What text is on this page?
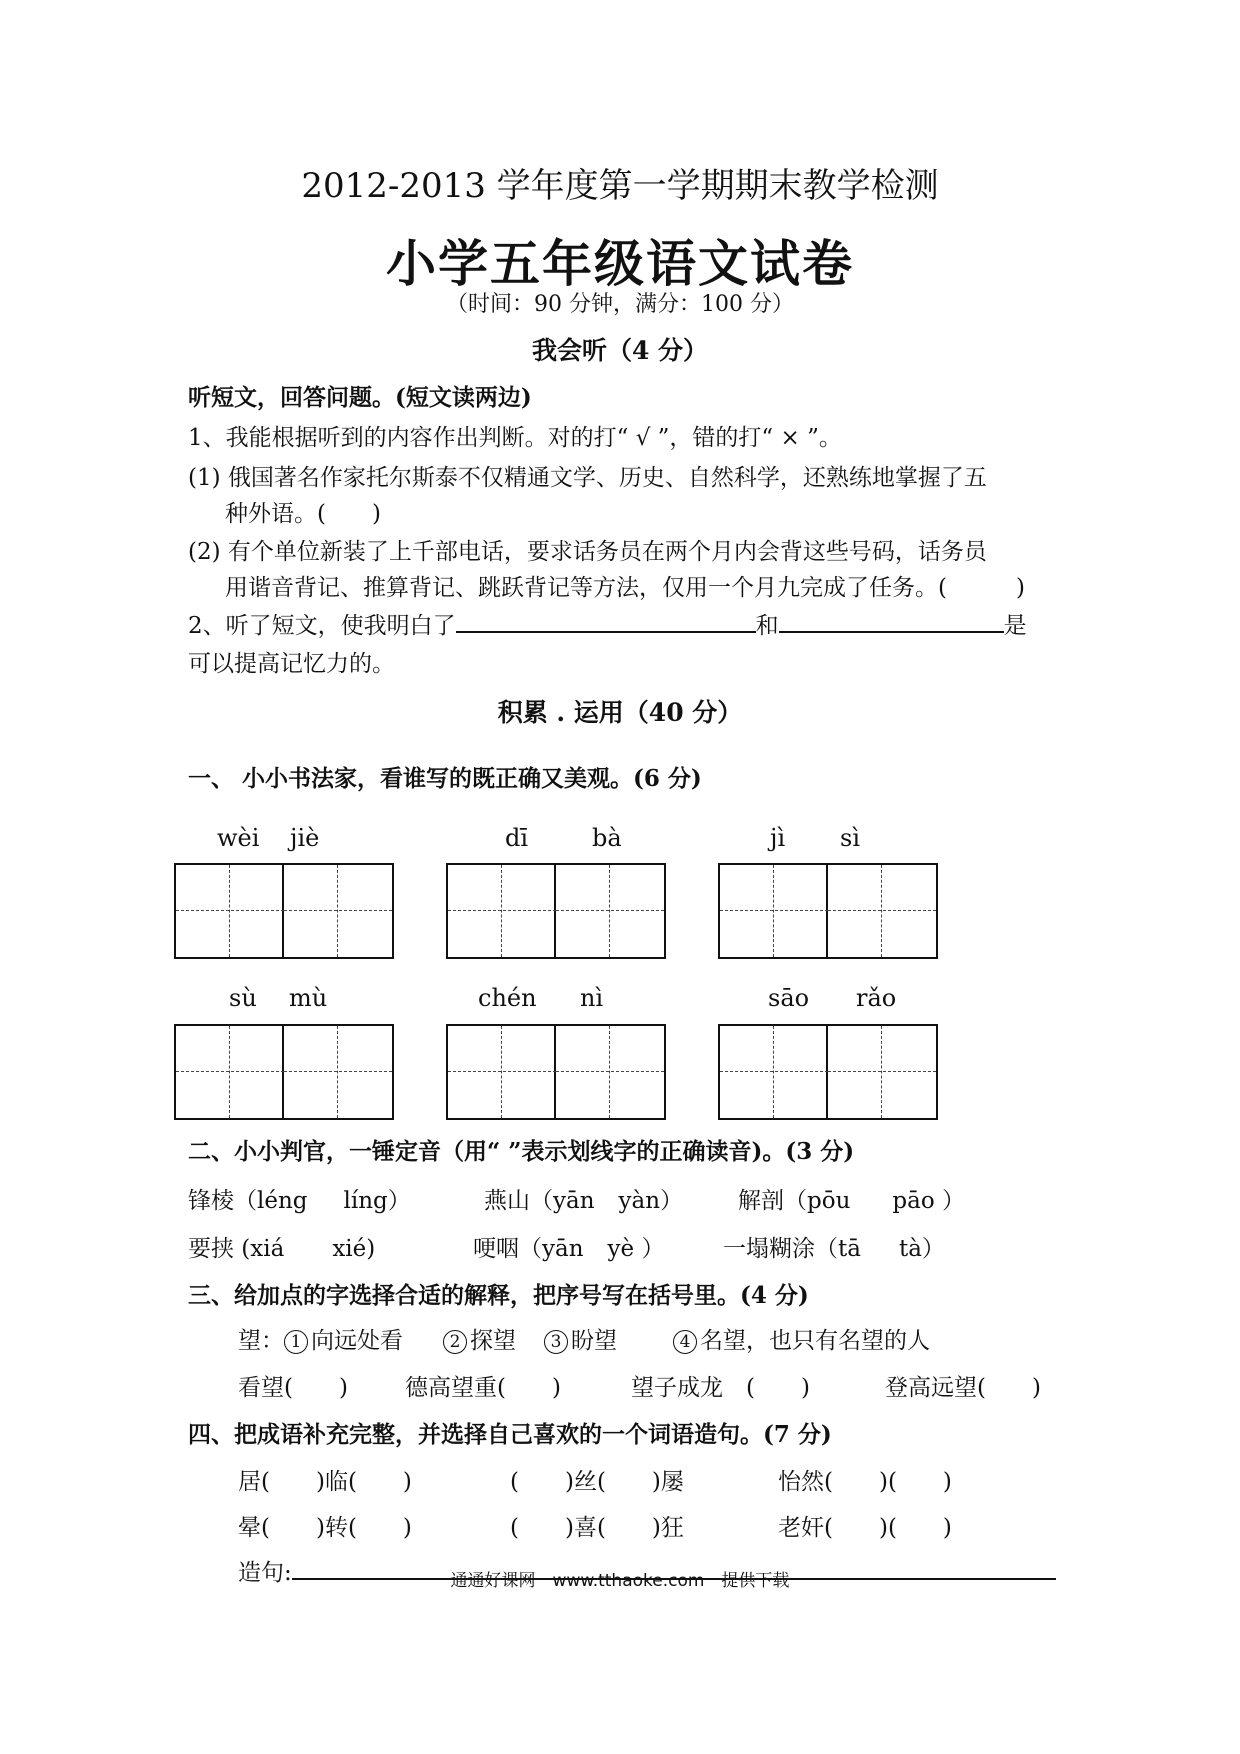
2012-2013 学年度第一学期期末教学检测
小学五年级语文试卷
（时间：90 分钟，满分：100 分）
我会听（4 分）
听短文，回答问题。(短文读两边)
1、我能根据听到的内容作出判断。对的打“ √ ”，错的打“ × ”。
(1) 俄国著名作家托尔斯泰不仅精通文学、历史、自然科学，还熟练地掌握了五
种外语。(　　)
(2) 有个单位新装了上千部电话，要求话务员在两个月内会背这些号码，话务员
用谐音背记、推算背记、跳跃背记等方法，仅用一个月九完成了任务。(　　　)
2、听了短文，使我明白了	和	是
可以提高记忆力的。
积累 . 运用（40 分）
一、 小小书法家，看谁写的既正确又美观。(6 分)
wèi jiè	dī	bà	jì sì
sù mù	chén nì	sāo rǎo
二、小小判官，一锤定音（用“ ”表示划线字的正确读音)。(3 分)
锋棱（léng líng）	燕山（yān yàn） 解剖（pōu pāo ）
要挟 (xiá xié)	哽咽（yān yè ）	一塌糊涂（tā tà）
三、给加点的字选择合适的解释，把序号写在括号里。(4 分)
望： 1 向远处看	2 探望 3 盼望	4 名望，也只有名望的人
看望(　　) 德高望重(　　)	望子成龙　(　　)	登高远望(　　)
四、把成语补充完整，并选择自己喜欢的一个词语造句。(7 分)
居(　　)临(　　)	(　　)丝(　　)屡	怡然(　　)(　　)
晕(　　)转(　　)	(　　)喜(　　)狂	老奸(　　)(　　)
造句:	通通好课网　www.tthaoke.com　提供下载
